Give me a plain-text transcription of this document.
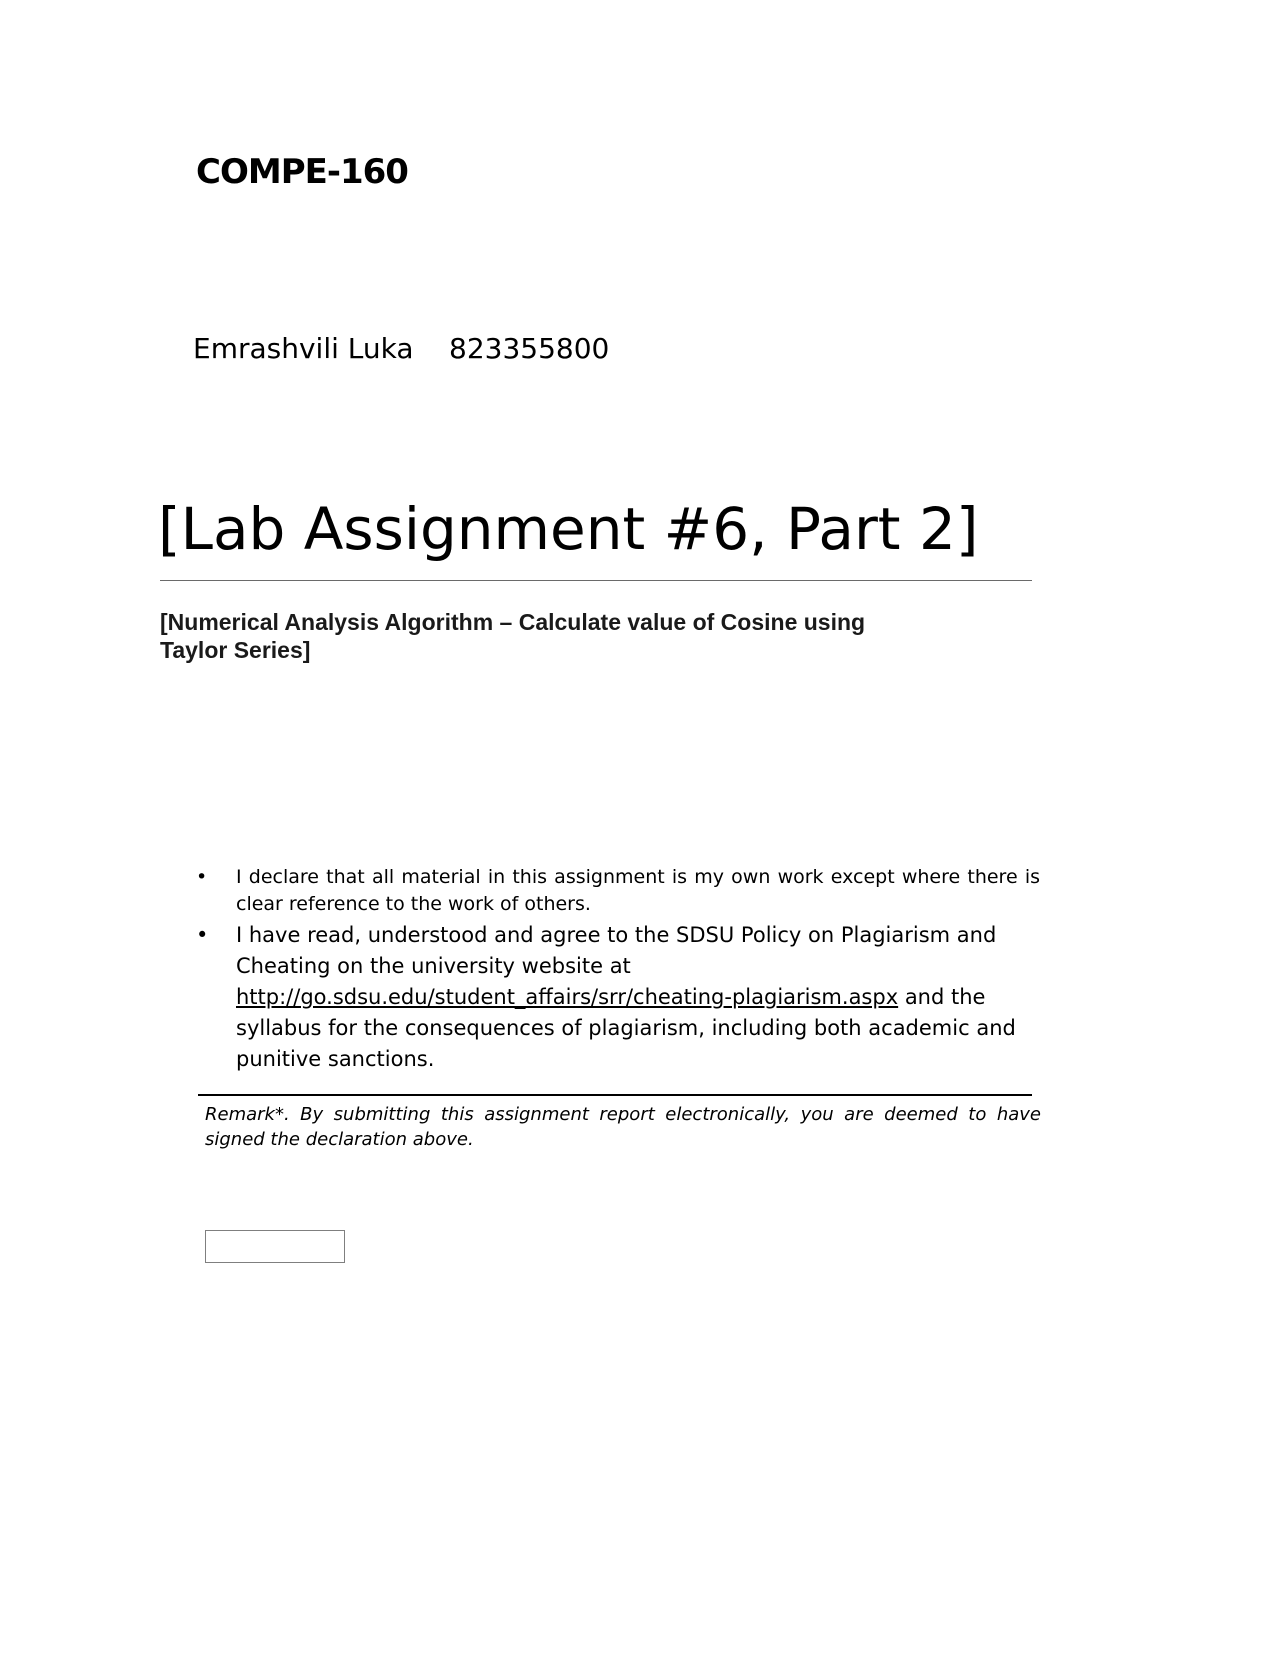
COMPE-160
Emrashvili Luka 823355800
[Lab Assignment #6, Part 2]
[Numerical Analysis Algorithm – Calculate value of Cosine using Taylor Series]
• I declare that all material in this assignment is my own work except where there is clear reference to the work of others.
• I have read, understood and agree to the SDSU Policy on Plagiarism and Cheating on the university website at http://go.sdsu.edu/student_affairs/srr/cheating-plagiarism.aspx and the syllabus for the consequences of plagiarism, including both academic and punitive sanctions.
Remark*. By submitting this assignment report electronically, you are deemed to have signed the declaration above.
